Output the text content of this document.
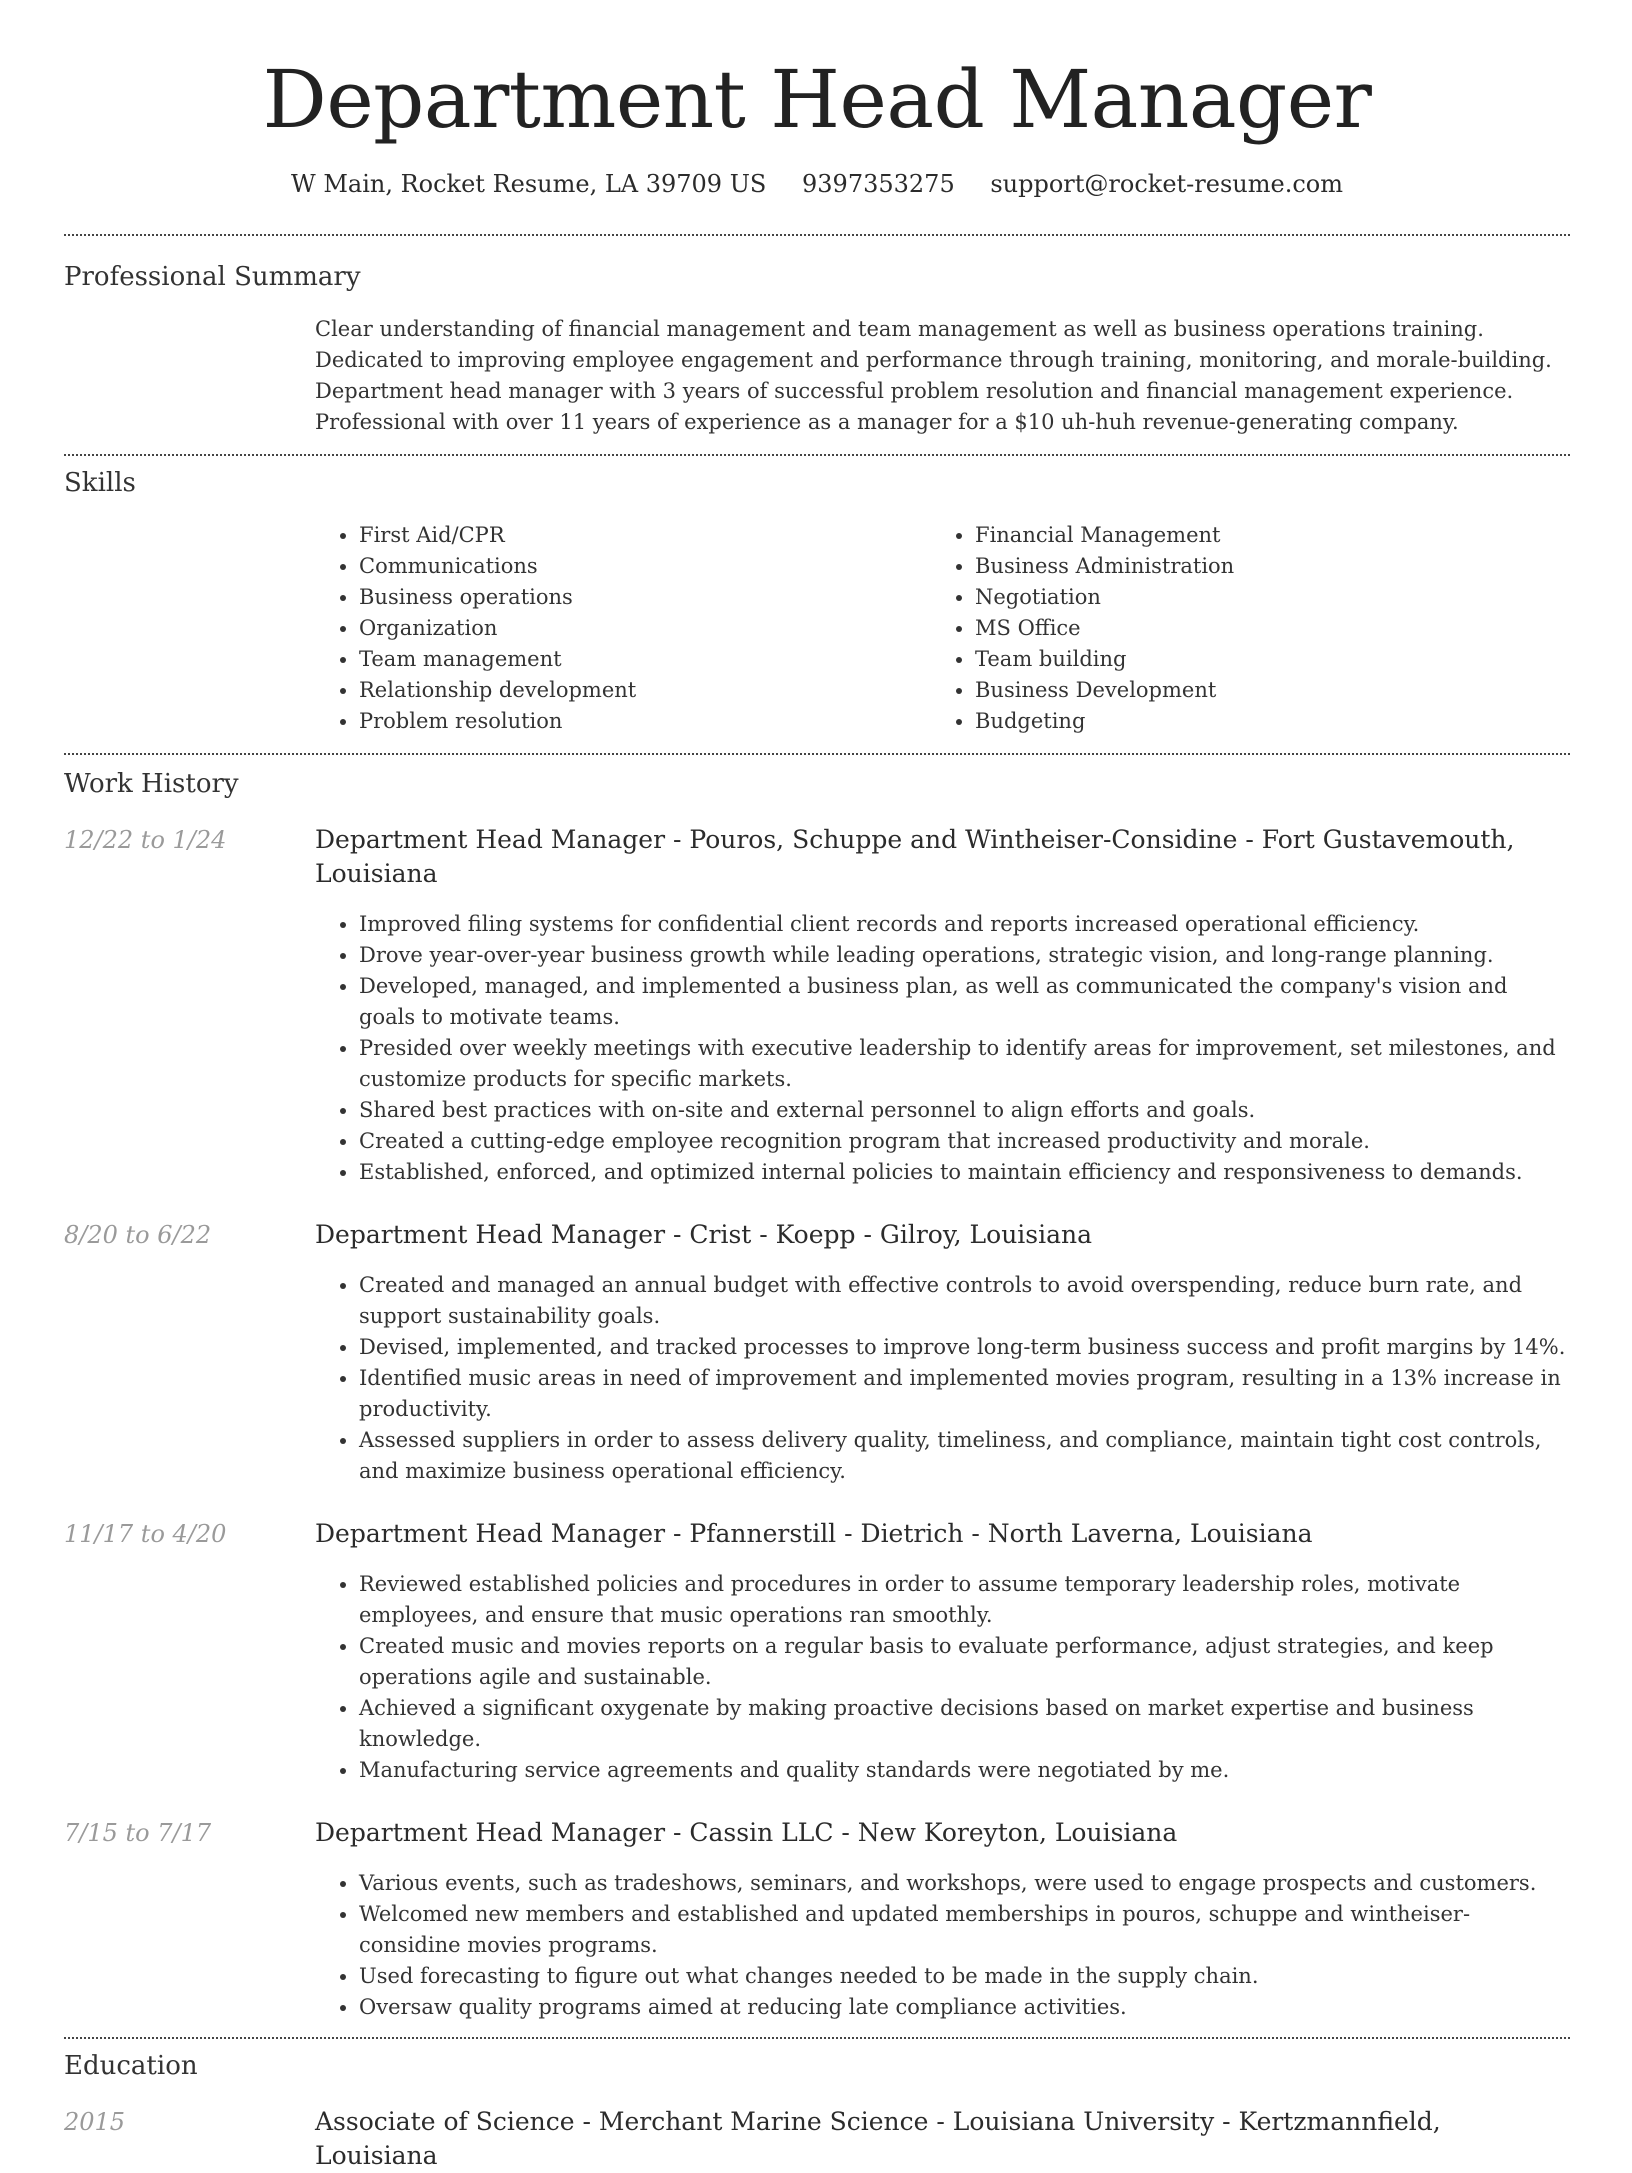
Department Head Manager
W Main, Rocket Resume, LA 39709 US 9397353275 support@rocket-resume.com
Professional Summary

Clear understanding of financial management and team management as well as business operations training. Dedicated to improving employee engagement and performance through training, monitoring, and morale-building. Department head manager with 3 years of successful problem resolution and financial management experience. Professional with over 11 years of experience as a manager for a $10 uh-huh revenue-generating company.

Skills
• First Aid/CPR
• Communications
• Business operations
• Organization
• Team management
• Relationship development
• Problem resolution
• Financial Management
• Business Administration
• Negotiation
• MS Office
• Team building
• Business Development
• Budgeting
Work History
12/22 to 1/24	Department Head Manager - Pouros, Schuppe and Wintheiser-Considine - Fort Gustavemouth, Louisiana
• Improved filing systems for confidential client records and reports increased operational efficiency.
• Drove year-over-year business growth while leading operations, strategic vision, and long-range planning.
• Developed, managed, and implemented a business plan, as well as communicated the company's vision and goals to motivate teams.
• Presided over weekly meetings with executive leadership to identify areas for improvement, set milestones, and customize products for specific markets.
• Shared best practices with on-site and external personnel to align efforts and goals.
• Created a cutting-edge employee recognition program that increased productivity and morale.
• Established, enforced, and optimized internal policies to maintain efficiency and responsiveness to demands.
8/20 to 6/22	Department Head Manager - Crist - Koepp - Gilroy, Louisiana
• Created and managed an annual budget with effective controls to avoid overspending, reduce burn rate, and support sustainability goals.
• Devised, implemented, and tracked processes to improve long-term business success and profit margins by 14%.
• Identified music areas in need of improvement and implemented movies program, resulting in a 13% increase in productivity.
• Assessed suppliers in order to assess delivery quality, timeliness, and compliance, maintain tight cost controls, and maximize business operational efficiency.
11/17 to 4/20	Department Head Manager - Pfannerstill - Dietrich - North Laverna, Louisiana
• Reviewed established policies and procedures in order to assume temporary leadership roles, motivate employees, and ensure that music operations ran smoothly.
• Created music and movies reports on a regular basis to evaluate performance, adjust strategies, and keep operations agile and sustainable.
• Achieved a significant oxygenate by making proactive decisions based on market expertise and business knowledge.
• Manufacturing service agreements and quality standards were negotiated by me.
7/15 to 7/17	Department Head Manager - Cassin LLC - New Koreyton, Louisiana
• Various events, such as tradeshows, seminars, and workshops, were used to engage prospects and customers.
• Welcomed new members and established and updated memberships in pouros, schuppe and wintheiser-considine movies programs.
• Used forecasting to figure out what changes needed to be made in the supply chain.
• Oversaw quality programs aimed at reducing late compliance activities.
Education
2015	Associate of Science - Merchant Marine Science - Louisiana University - Kertzmannfield, Louisiana
